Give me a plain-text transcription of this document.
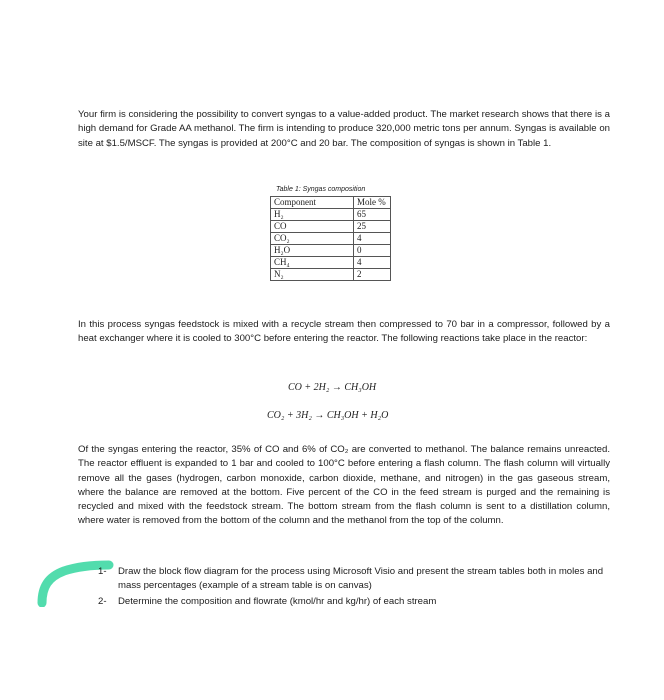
Your firm is considering the possibility to convert syngas to a value-added product. The market research shows that there is a high demand for Grade AA methanol. The firm is intending to produce 320,000 metric tons per annum. Syngas is available on site at $1.5/MSCF. The syngas is provided at 200°C and 20 bar. The composition of syngas is shown in Table 1.

Table 1: Syngas composition

Component	Mole %
H₂	65
CO	25
CO₂	4
H₂O	0
CH₄	4
N₂	2

In this process syngas feedstock is mixed with a recycle stream then compressed to 70 bar in a compressor, followed by a heat exchanger where it is cooled to 300°C before entering the reactor. The following reactions take place in the reactor:

CO + 2H₂ → CH₃OH

CO₂ + 3H₂ → CH₃OH + H₂O

Of the syngas entering the reactor, 35% of CO and 6% of CO₂ are converted to methanol. The balance remains unreacted. The reactor effluent is expanded to 1 bar and cooled to 100°C before entering a flash column. The flash column will virtually remove all the gases (hydrogen, carbon monoxide, carbon dioxide, methane, and nitrogen) in the gas gaseous stream, where the balance are removed at the bottom. Five percent of the CO in the feed stream is purged and the remaining is recycled and mixed with the feedstock stream. The bottom stream from the flash column is sent to a distillation column, where water is removed from the bottom of the column and the methanol from the top of the column.

1- Draw the block flow diagram for the process using Microsoft Visio and present the stream tables both in moles and mass percentages (example of a stream table is on canvas)
2- Determine the composition and flowrate (kmol/hr and kg/hr) of each stream
